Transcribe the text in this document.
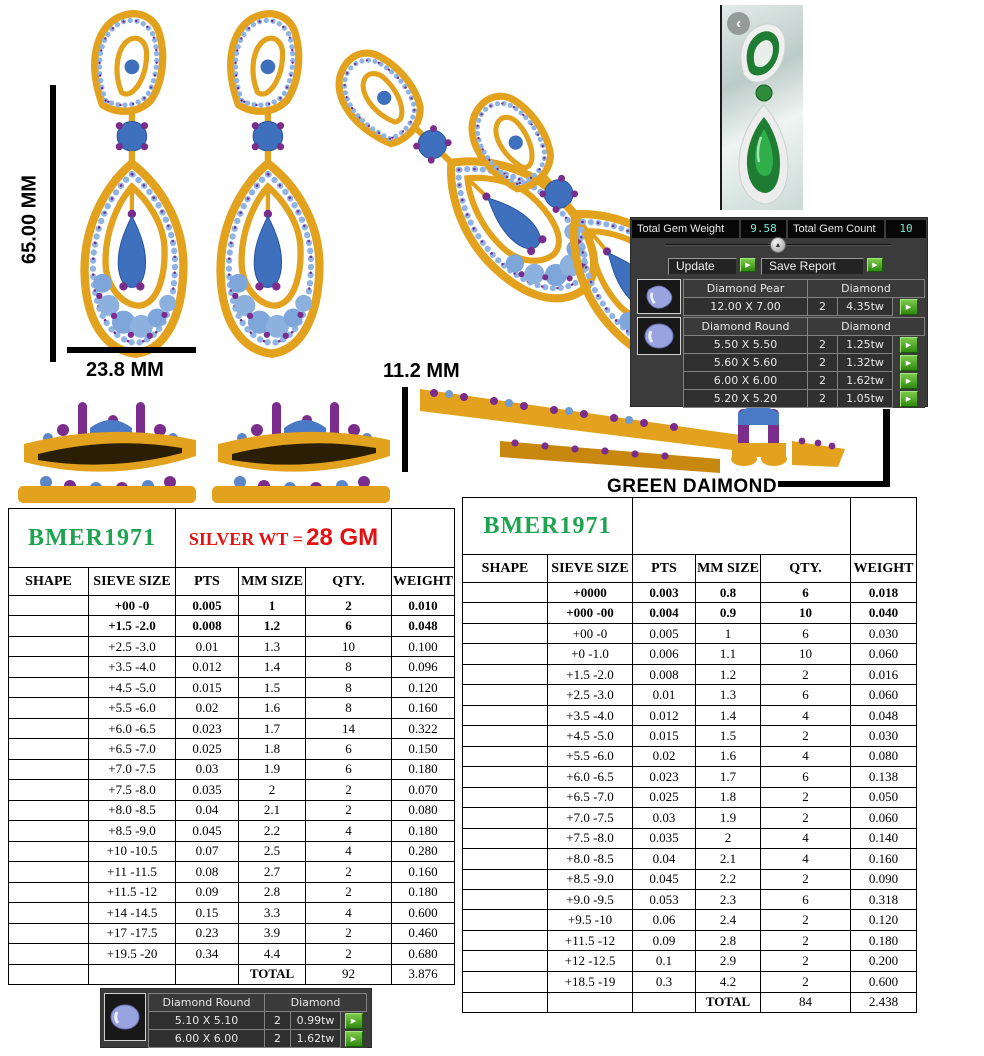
65.00 MM
23.8 MM	11.2 MM
‹
Total Gem Weight	9.58	Total Gem Count	10
▲
Update	▶	Save Report	▶
Diamond Pear	Diamond		
12.00 X 7.00	2	4.35tw	▶
Diamond Round	Diamond		
5.50 X 5.50	2	1.25tw	▶
5.60 X 5.60	2	1.32tw	▶
6.00 X 6.00	2	1.62tw	▶
5.20 X 5.20	2	1.05tw	▶
GREEN DAIMOND
BMER1971		SILVER WT = 28 GM			
SHAPE	SIEVE SIZE	PTS	MM SIZE	QTY.	WEIGHT
	+00 -0	0.005	1	2	0.010
	+1.5 -2.0	0.008	1.2	6	0.048
	+2.5 -3.0	0.01	1.3	10	0.100
	+3.5 -4.0	0.012	1.4	8	0.096
	+4.5 -5.0	0.015	1.5	8	0.120
	+5.5 -6.0	0.02	1.6	8	0.160
	+6.0 -6.5	0.023	1.7	14	0.322
	+6.5 -7.0	0.025	1.8	6	0.150
	+7.0 -7.5	0.03	1.9	6	0.180
	+7.5 -8.0	0.035	2	2	0.070
	+8.0 -8.5	0.04	2.1	2	0.080
	+8.5 -9.0	0.045	2.2	4	0.180
	+10 -10.5	0.07	2.5	4	0.280
	+11 -11.5	0.08	2.7	2	0.160
	+11.5 -12	0.09	2.8	2	0.180
	+14 -14.5	0.15	3.3	4	0.600
	+17 -17.5	0.23	3.9	2	0.460
	+19.5 -20	0.34	4.4	2	0.680
			TOTAL	92	3.876
BMER1971					
SHAPE	SIEVE SIZE	PTS	MM SIZE	QTY.	WEIGHT
	+0000	0.003	0.8	6	0.018
	+000 -00	0.004	0.9	10	0.040
	+00 -0	0.005	1	6	0.030
	+0 -1.0	0.006	1.1	10	0.060
	+1.5 -2.0	0.008	1.2	2	0.016
	+2.5 -3.0	0.01	1.3	6	0.060
	+3.5 -4.0	0.012	1.4	4	0.048
	+4.5 -5.0	0.015	1.5	2	0.030
	+5.5 -6.0	0.02	1.6	4	0.080
	+6.0 -6.5	0.023	1.7	6	0.138
	+6.5 -7.0	0.025	1.8	2	0.050
	+7.0 -7.5	0.03	1.9	2	0.060
	+7.5 -8.0	0.035	2	4	0.140
	+8.0 -8.5	0.04	2.1	4	0.160
	+8.5 -9.0	0.045	2.2	2	0.090
	+9.0 -9.5	0.053	2.3	6	0.318
	+9.5 -10	0.06	2.4	2	0.120
	+11.5 -12	0.09	2.8	2	0.180
	+12 -12.5	0.1	2.9	2	0.200
	+18.5 -19	0.3	4.2	2	0.600
			TOTAL	84	2.438
Diamond Round	Diamond		
5.10 X 5.10	2	0.99tw	▶
6.00 X 6.00	2	1.62tw	▶
